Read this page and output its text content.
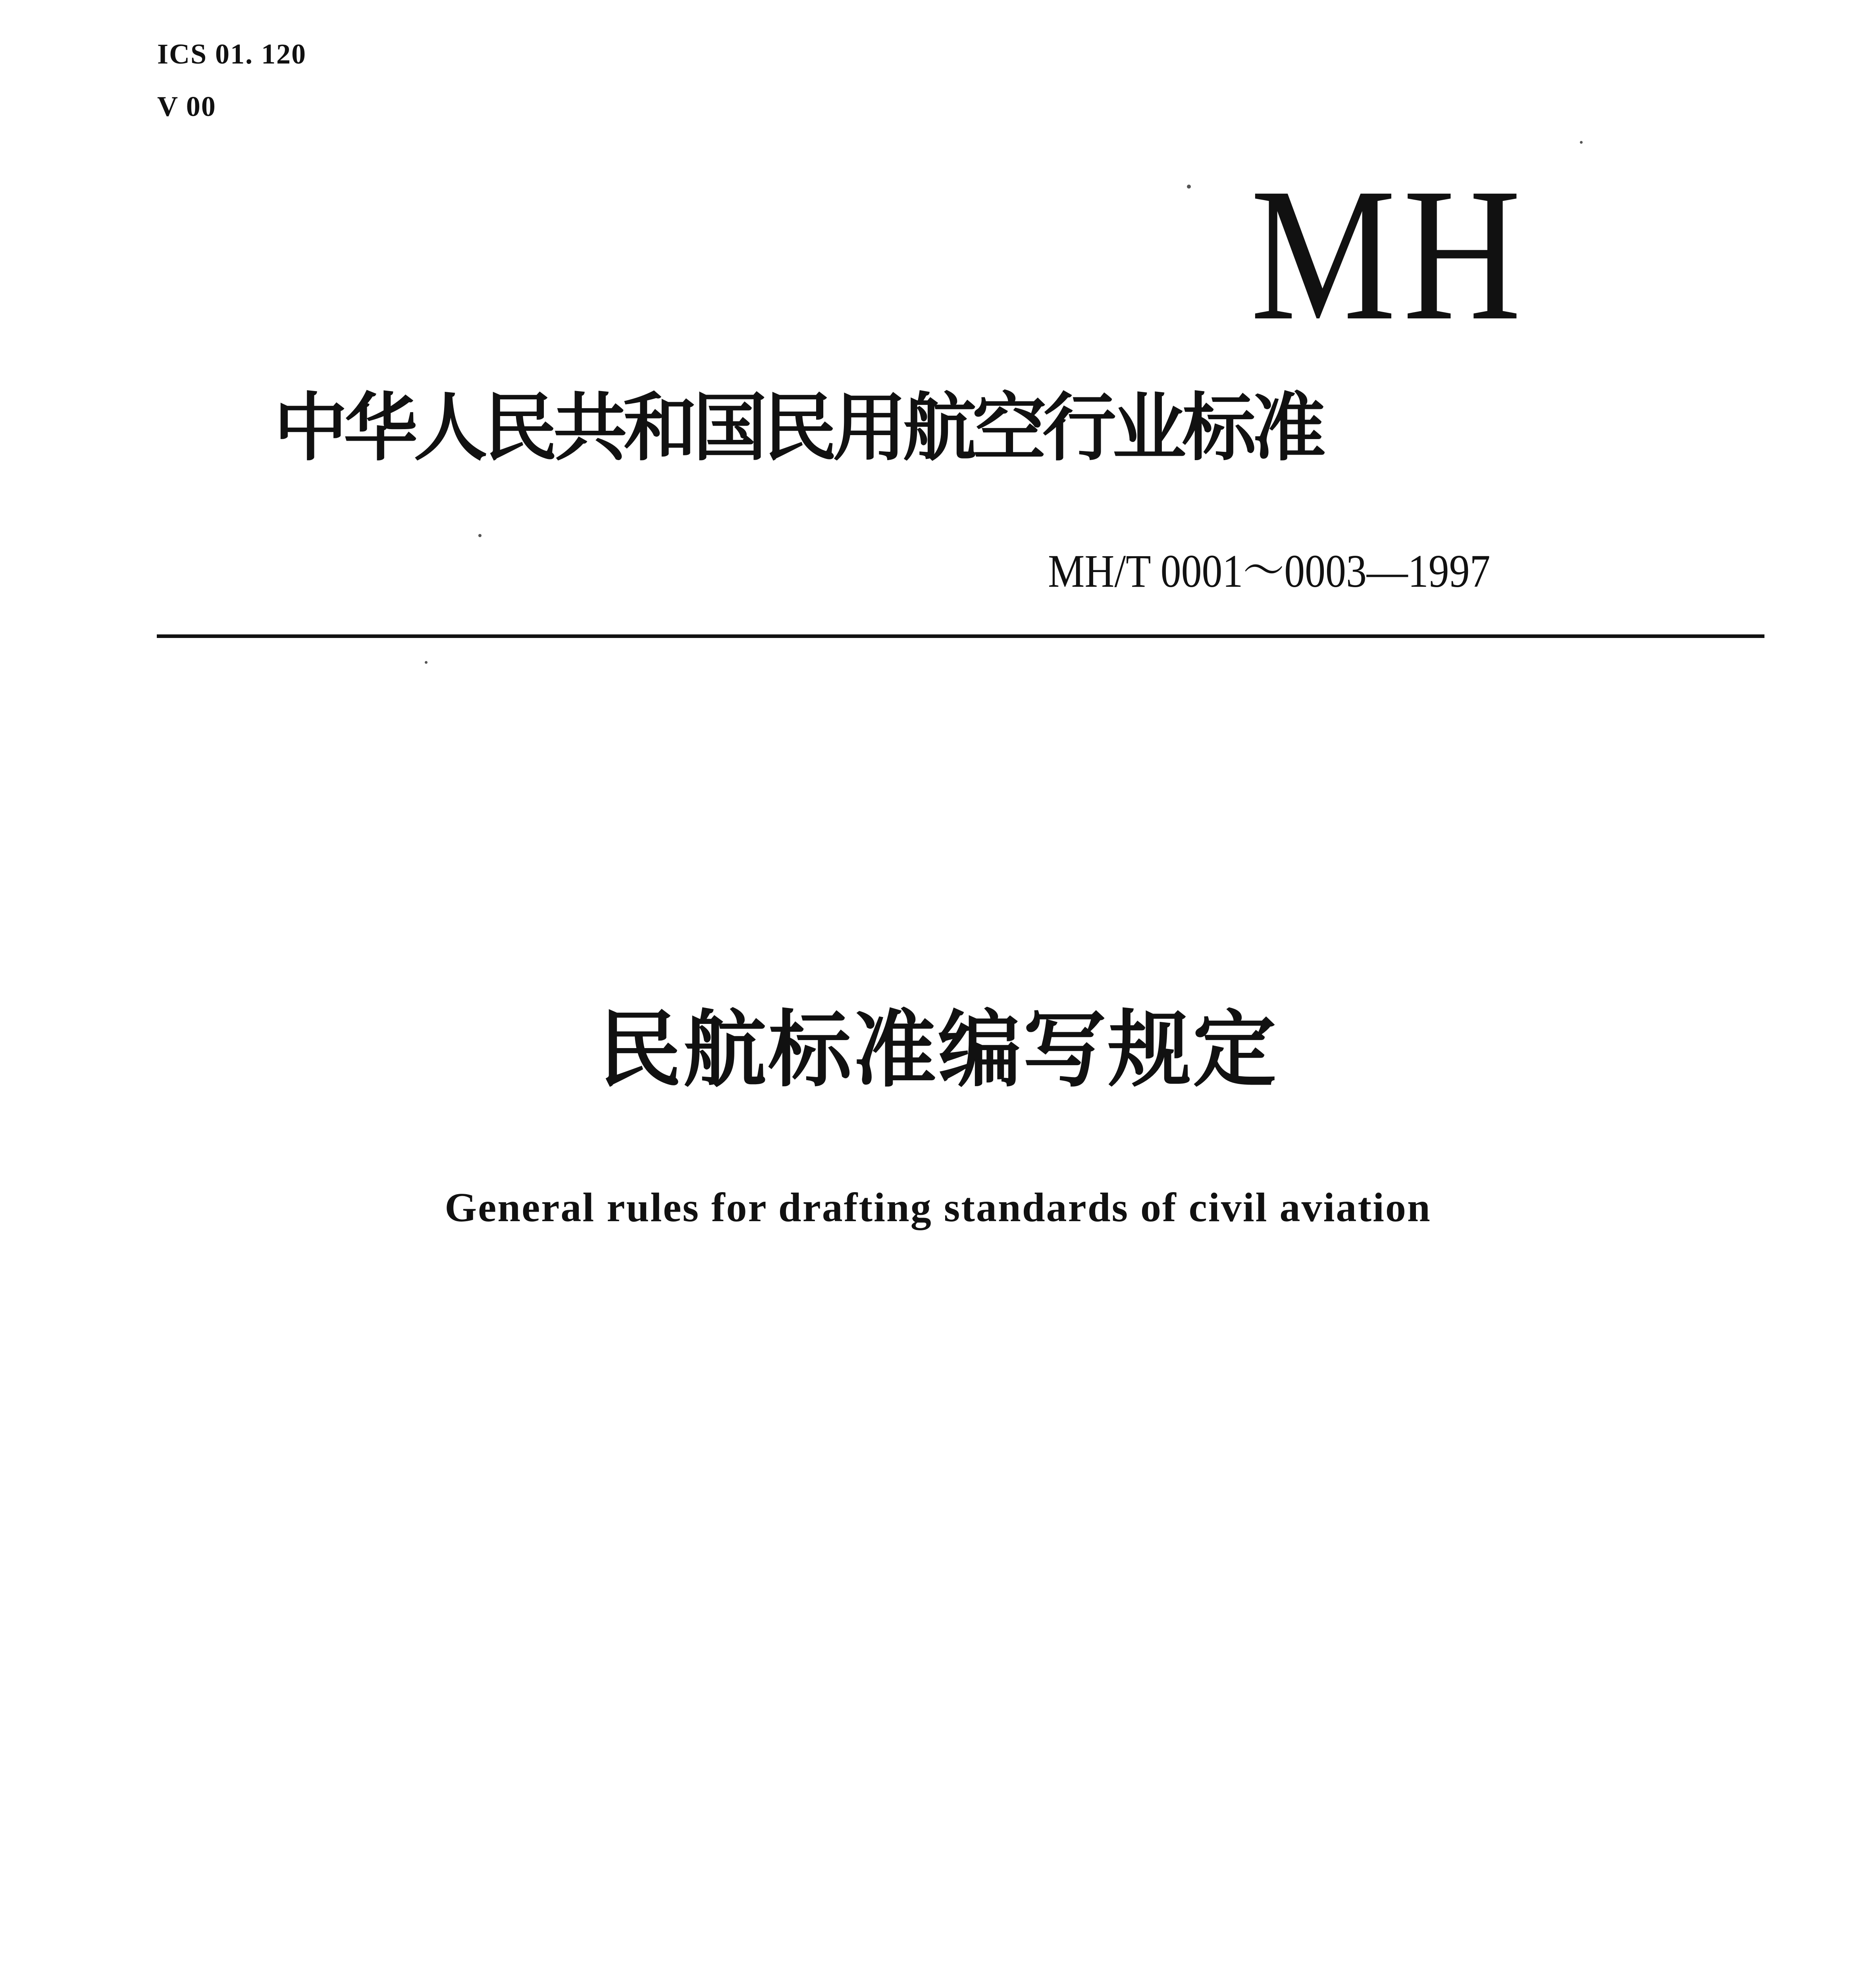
ICS 01. 120
V 00
MH
中华人民共和国民用航空行业标准
MH/T 0001～0003—1997
民航标准编写规定
General rules for drafting standards of civil aviation
